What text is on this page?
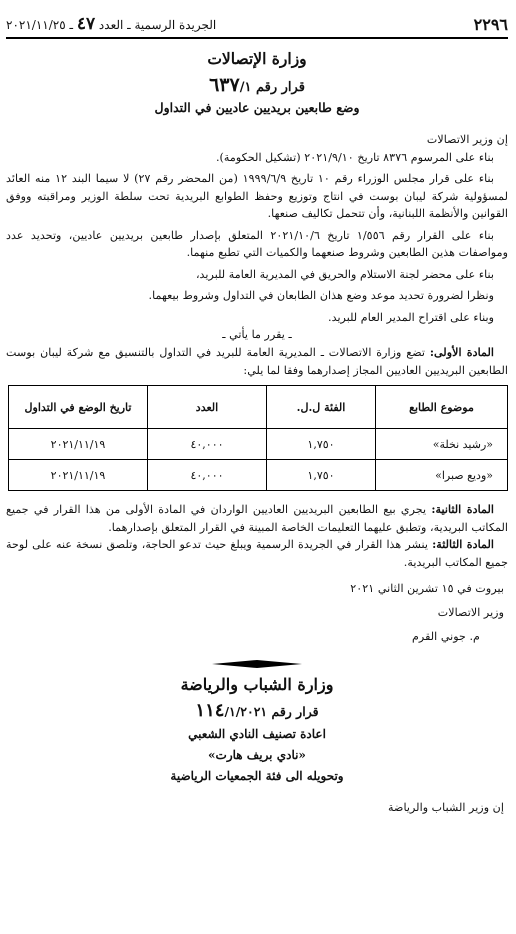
٢٢٩٦
الجريدة الرسمية ـ العدد ٤٧ ـ ٢٠٢١/١١/٢٥
وزارة الإتصالات
قرار رقم ٦٣٧/١
وضع طابعين بريديين عاديين في التداول

إن وزير الاتصالات

بناء على المرسوم ٨٣٧٦ تاريخ ٢٠٢١/٩/١٠ (تشكيل الحكومة).

بناء على قرار مجلس الوزراء رقم ١٠ تاريخ ١٩٩٩/٦/٩ (من المحضر رقم ٢٧) لا سيما البند ١٢ منه العائد لمسؤولية شركة ليبان بوست في انتاج وتوزيع وحفظ الطوابع البريدية تحت سلطة الوزير ومراقبته ووفق القوانين والأنظمة اللبنانية، وأن تتحمل تكاليف صنعها.

بناء على القرار رقم ١/٥٥٦ تاريخ ٢٠٢١/١٠/٦ المتعلق بإصدار طابعين بريديين عاديين، وتحديد عدد ومواصفات هذين الطابعين وشروط صنعهما والكميات التي تطبع منهما.

بناء على محضر لجنة الاستلام والحريق في المديرية العامة للبريد،

ونظرا لضرورة تحديد موعد وضع هذان الطابعان في التداول وشروط بيعهما.

وبناء على اقتراح المدير العام للبريد.

ـ يقرر ما يأتي ـ

المادة الأولى: تضع وزارة الاتصالات ـ المديرية العامة للبريد في التداول بالتنسيق مع شركة ليبان بوست الطابعين البريديين العاديين المجاز إصدارهما وفقا لما يلي:

موضوع الطابع	الفئة ل.ل.	العدد	تاريخ الوضع في التداول
«رشيد نخلة»	١,٧٥٠	٤٠,٠٠٠	٢٠٢١/١١/١٩
«وديع صبرا»	١,٧٥٠	٤٠,٠٠٠	٢٠٢١/١١/١٩

المادة الثانية: يجري بيع الطابعين البريديين العاديين الواردان في المادة الأولى من هذا القرار في جميع المكاتب البريدية، وتطبق عليهما التعليمات الخاصة المبينة في القرار المتعلق بإصدارهما.

المادة الثالثة: ينشر هذا القرار في الجريدة الرسمية ويبلغ حيث تدعو الحاجة، وتلصق نسخة عنه على لوحة جميع المكاتب البريدية.

بيروت في ١٥ تشرين الثاني ٢٠٢١
وزير الاتصالات
م. جوني القرم
وزارة الشباب والرياضة
قرار رقم ١١٤/١/٢٠٢١
اعادة تصنيف النادي الشعبي
«نادي بريف هارت»
وتحويله الى فئة الجمعيات الرياضية
إن وزير الشباب والرياضة
